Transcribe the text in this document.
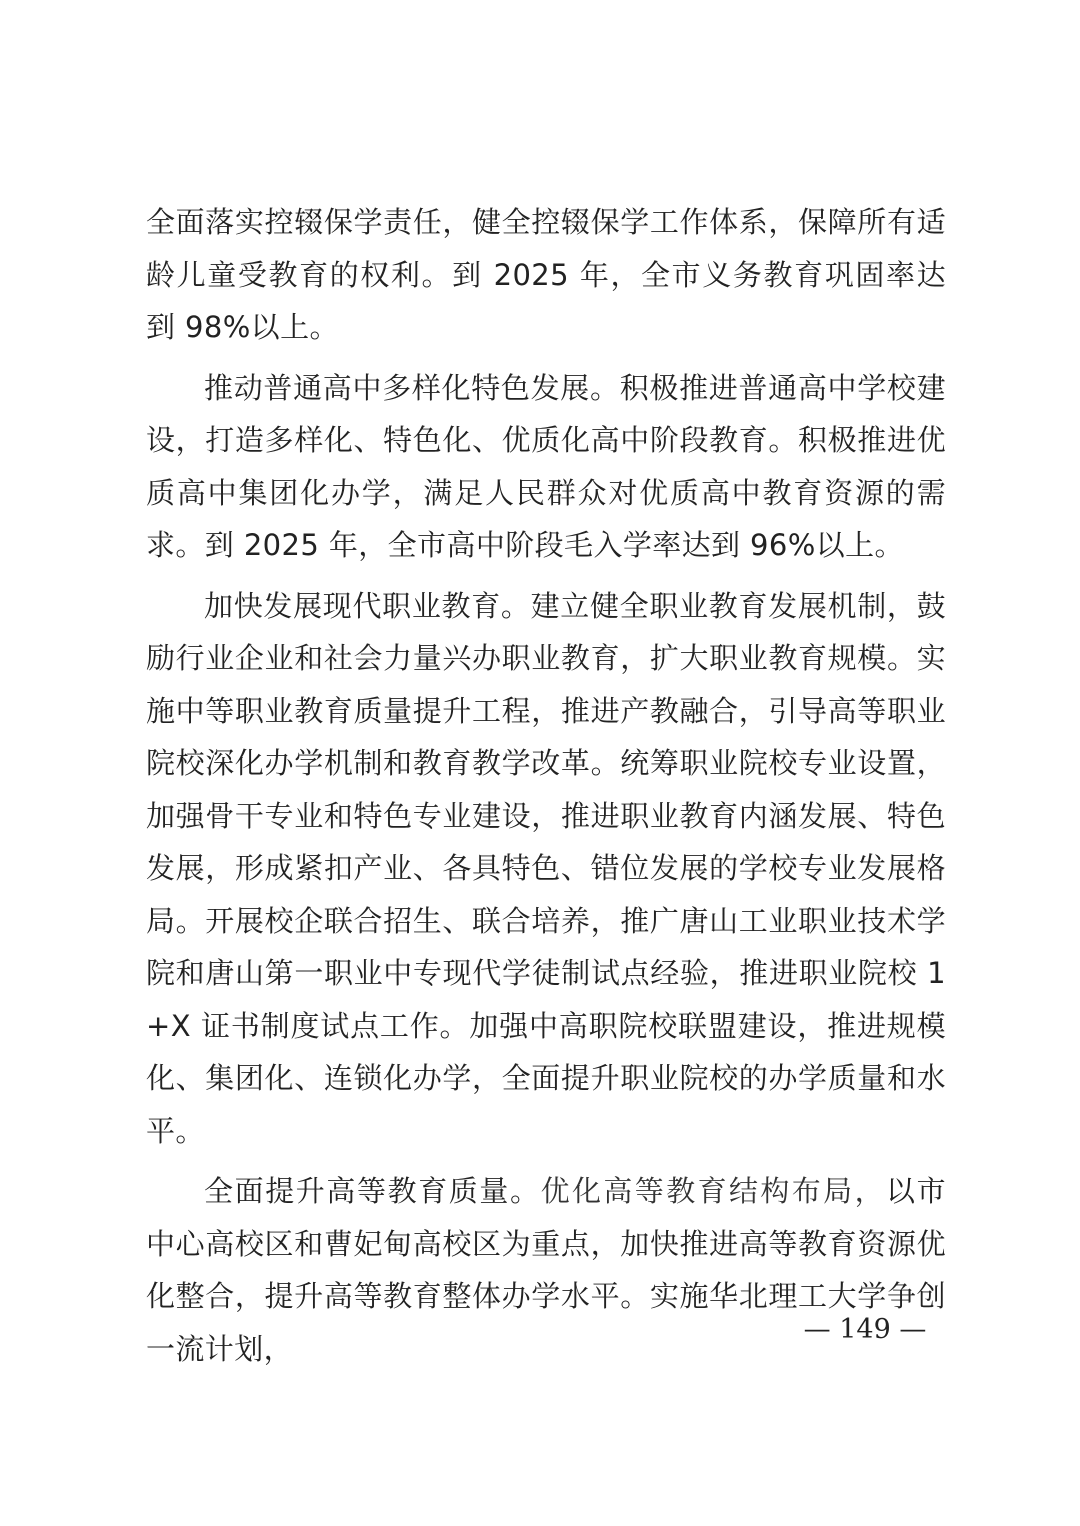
全面落实控辍保学责任，健全控辍保学工作体系，保障所有适龄儿童受教育的权利。到 2025 年，全市义务教育巩固率达到 98%以上。

推动普通高中多样化特色发展。积极推进普通高中学校建设，打造多样化、特色化、优质化高中阶段教育。积极推进优质高中集团化办学，满足人民群众对优质高中教育资源的需求。到 2025 年，全市高中阶段毛入学率达到 96%以上。

加快发展现代职业教育。建立健全职业教育发展机制，鼓励行业企业和社会力量兴办职业教育，扩大职业教育规模。实施中等职业教育质量提升工程，推进产教融合，引导高等职业院校深化办学机制和教育教学改革。统筹职业院校专业设置，加强骨干专业和特色专业建设，推进职业教育内涵发展、特色发展，形成紧扣产业、各具特色、错位发展的学校专业发展格局。开展校企联合招生、联合培养，推广唐山工业职业技术学院和唐山第一职业中专现代学徒制试点经验，推进职业院校 1+X 证书制度试点工作。加强中高职院校联盟建设，推进规模化、集团化、连锁化办学，全面提升职业院校的办学质量和水平。

全面提升高等教育质量。优化高等教育结构布局，以市中心高校区和曹妃甸高校区为重点，加快推进高等教育资源优化整合，提升高等教育整体办学水平。实施华北理工大学争创一流计划，

— 149 —
